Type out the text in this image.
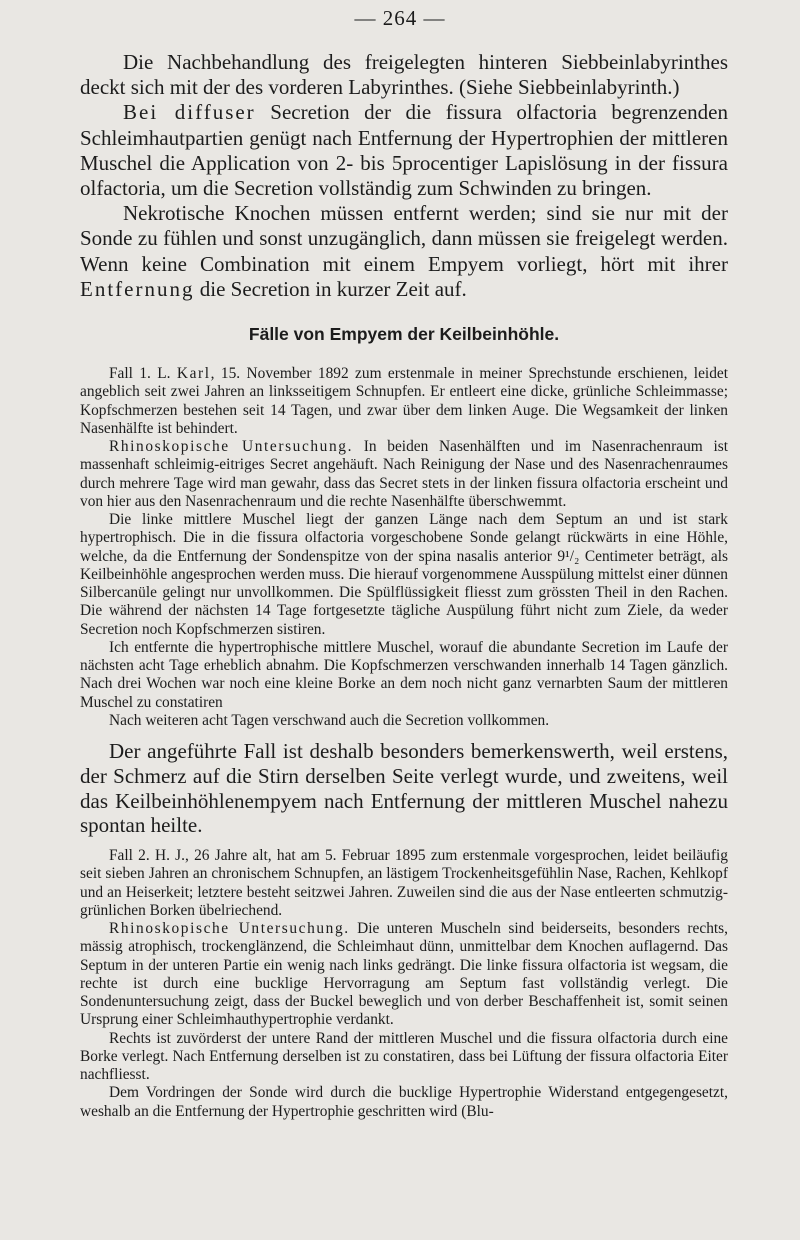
— 264 —

Die Nachbehandlung des freigelegten hinteren Siebbeinlabyrinthes deckt sich mit der des vorderen Labyrinthes. (Siehe Siebbeinlabyrinth.)

Bei diffuser Secretion der die fissura olfactoria begrenzenden Schleimhautpartien genügt nach Entfernung der Hypertrophien der mittleren Muschel die Application von 2- bis 5procentiger Lapislösung in der fissura olfactoria, um die Secretion vollständig zum Schwinden zu bringen.

Nekrotische Knochen müssen entfernt werden; sind sie nur mit der Sonde zu fühlen und sonst unzugänglich, dann müssen sie freigelegt werden. Wenn keine Combination mit einem Empyem vorliegt, hört mit ihrer Entfernung die Secretion in kurzer Zeit auf.

Fälle von Empyem der Keilbeinhöhle.

Fall 1. L. Karl, 15. November 1892 zum erstenmale in meiner Sprechstunde erschienen, leidet angeblich seit zwei Jahren an linksseitigem Schnupfen. Er entleert eine dicke, grünliche Schleimmasse; Kopfschmerzen bestehen seit 14 Tagen, und zwar über dem linken Auge. Die Wegsamkeit der linken Nasenhälfte ist behindert.

Rhinoskopische Untersuchung. In beiden Nasenhälften und im Nasenrachenraum ist massenhaft schleimig-eitriges Secret angehäuft. Nach Reinigung der Nase und des Nasenrachenraumes durch mehrere Tage wird man gewahr, dass das Secret stets in der linken fissura olfactoria erscheint und von hier aus den Nasenrachenraum und die rechte Nasenhälfte überschwemmt.

Die linke mittlere Muschel liegt der ganzen Länge nach dem Septum an und ist stark hypertrophisch. Die in die fissura olfactoria vorgeschobene Sonde gelangt rückwärts in eine Höhle, welche, da die Entfernung der Sondenspitze von der spina nasalis anterior 9¹/₂ Centimeter beträgt, als Keilbeinhöhle angesprochen werden muss. Die hierauf vorgenommene Ausspülung mittelst einer dünnen Silbercanüle gelingt nur unvollkommen. Die Spülflüssigkeit fliesst zum grössten Theil in den Rachen. Die während der nächsten 14 Tage fortgesetzte tägliche Auspülung führt nicht zum Ziele, da weder Secretion noch Kopfschmerzen sistiren.

Ich entfernte die hypertrophische mittlere Muschel, worauf die abundante Secretion im Laufe der nächsten acht Tage erheblich abnahm. Die Kopfschmerzen verschwanden innerhalb 14 Tagen gänzlich. Nach drei Wochen war noch eine kleine Borke an dem noch nicht ganz vernarbten Saum der mittleren Muschel zu constatiren

Nach weiteren acht Tagen verschwand auch die Secretion vollkommen.

Der angeführte Fall ist deshalb besonders bemerkenswerth, weil erstens, der Schmerz auf die Stirn derselben Seite verlegt wurde, und zweitens, weil das Keilbeinhöhlenempyem nach Entfernung der mittleren Muschel nahezu spontan heilte.

Fall 2. H. J., 26 Jahre alt, hat am 5. Februar 1895 zum erstenmale vorgesprochen, leidet beiläufig seit sieben Jahren an chronischem Schnupfen, an lästigem Trockenheitsgefühlin Nase, Rachen, Kehlkopf und an Heiserkeit; letztere besteht seitzwei Jahren. Zuweilen sind die aus der Nase entleerten schmutzig-grünlichen Borken übelriechend.

Rhinoskopische Untersuchung. Die unteren Muscheln sind beiderseits, besonders rechts, mässig atrophisch, trockenglänzend, die Schleimhaut dünn, unmittelbar dem Knochen auflagernd. Das Septum in der unteren Partie ein wenig nach links gedrängt. Die linke fissura olfactoria ist wegsam, die rechte ist durch eine bucklige Hervorragung am Septum fast vollständig verlegt. Die Sondenuntersuchung zeigt, dass der Buckel beweglich und von derber Beschaffenheit ist, somit seinen Ursprung einer Schleimhauthypertrophie verdankt.

Rechts ist zuvörderst der untere Rand der mittleren Muschel und die fissura olfactoria durch eine Borke verlegt. Nach Entfernung derselben ist zu constatiren, dass bei Lüftung der fissura olfactoria Eiter nachfliesst.

Dem Vordringen der Sonde wird durch die bucklige Hypertrophie Widerstand entgegengesetzt, weshalb an die Entfernung der Hypertrophie geschritten wird (Blu-
